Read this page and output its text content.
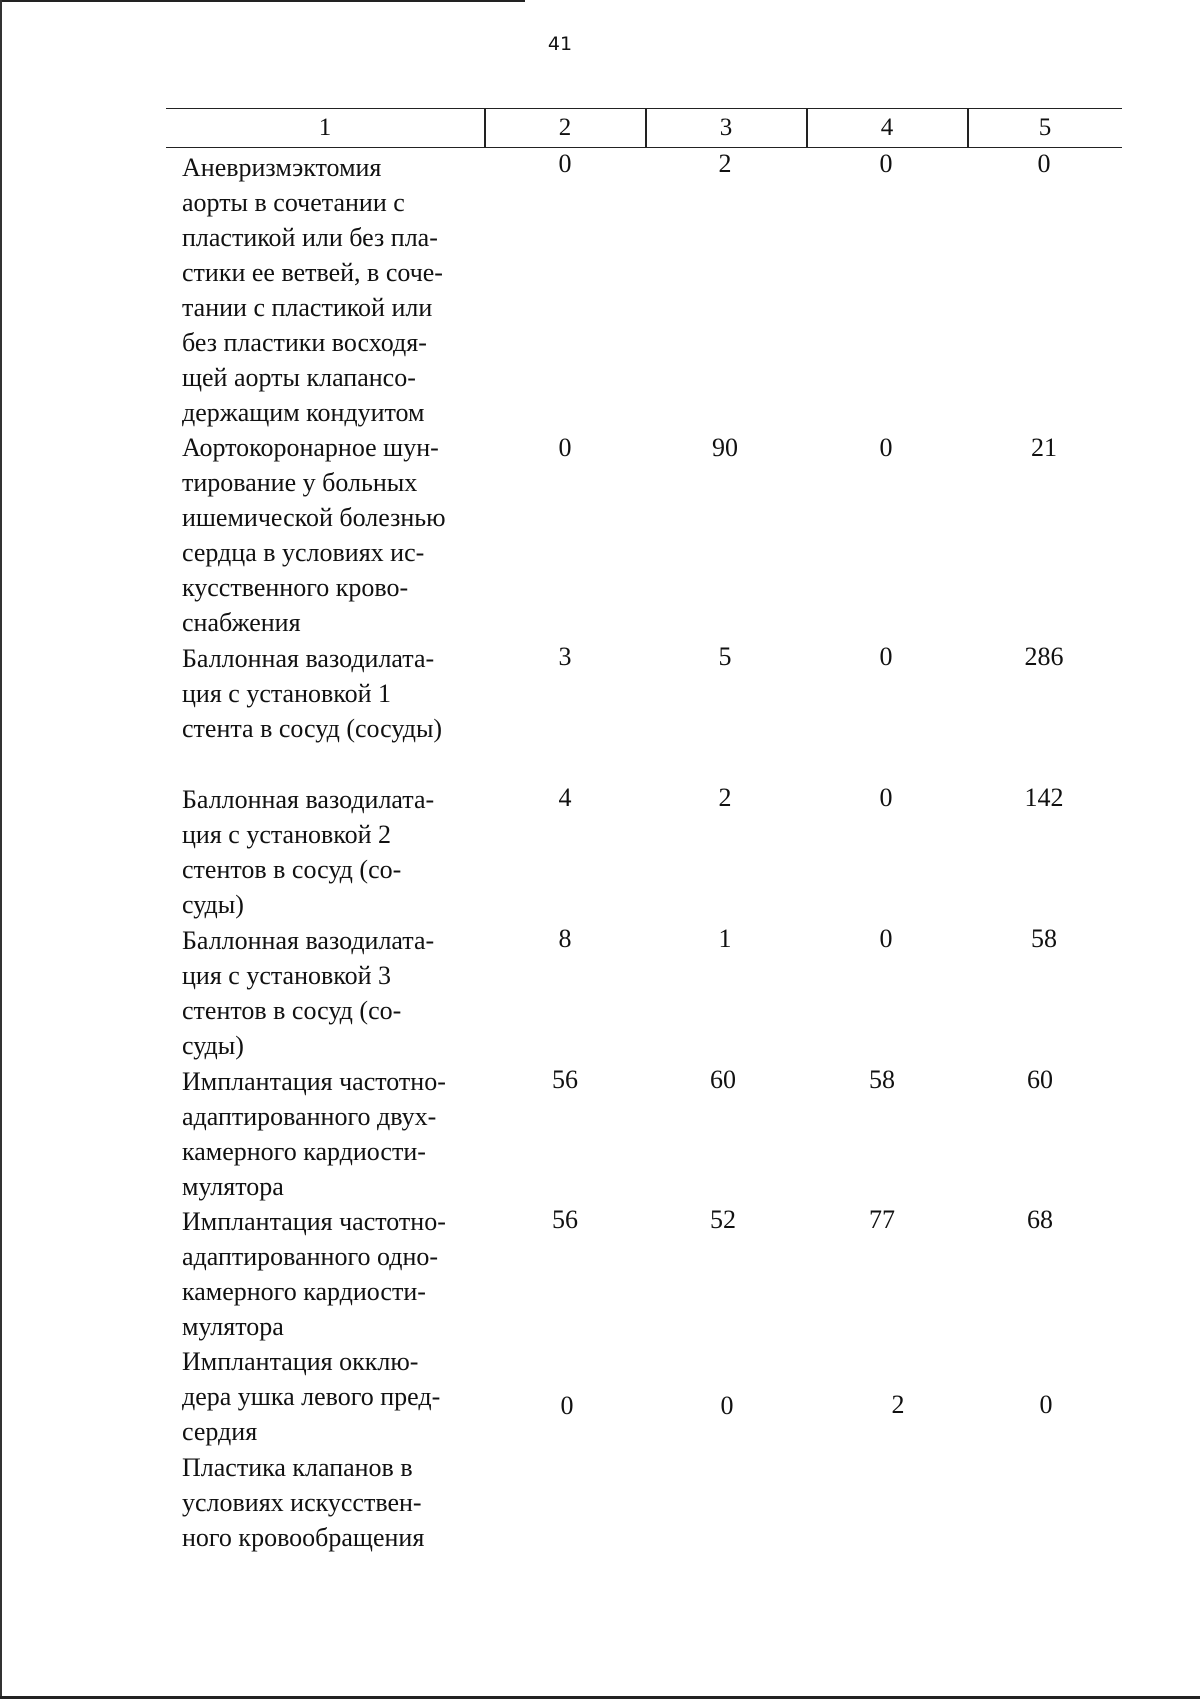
41
1	2	3	4	5
Аневризмэктомия
аорты в сочетании с
пластикой или без пла-
стики ее ветвей, в соче-
тании с пластикой или
без пластики восходя-
щей аорты клапансо-
держащим кондуитом
0	2	0	0
Аортокоронарное шун-
тирование у больных
ишемической болезнью
сердца в условиях ис-
кусственного крово-
снабжения
0	90	0	21
Баллонная вазодилата-
ция с установкой 1
стента в сосуд (сосуды)
3	5	0	286
Баллонная вазодилата-
ция с установкой 2
стентов в сосуд (со-
суды)
4	2	0	142
Баллонная вазодилата-
ция с установкой 3
стентов в сосуд (со-
суды)
8	1	0	58
Имплантация частотно-
адаптированного двух-
камерного кардиости-
мулятора
56	60	58	60
Имплантация частотно-
адаптированного одно-
камерного кардиости-
мулятора
56	52	77	68
Имплантация окклю-
дера ушка левого пред-
сердия
0	0	2	0
Пластика клапанов в
условиях искусствен-
ного кровообращения
